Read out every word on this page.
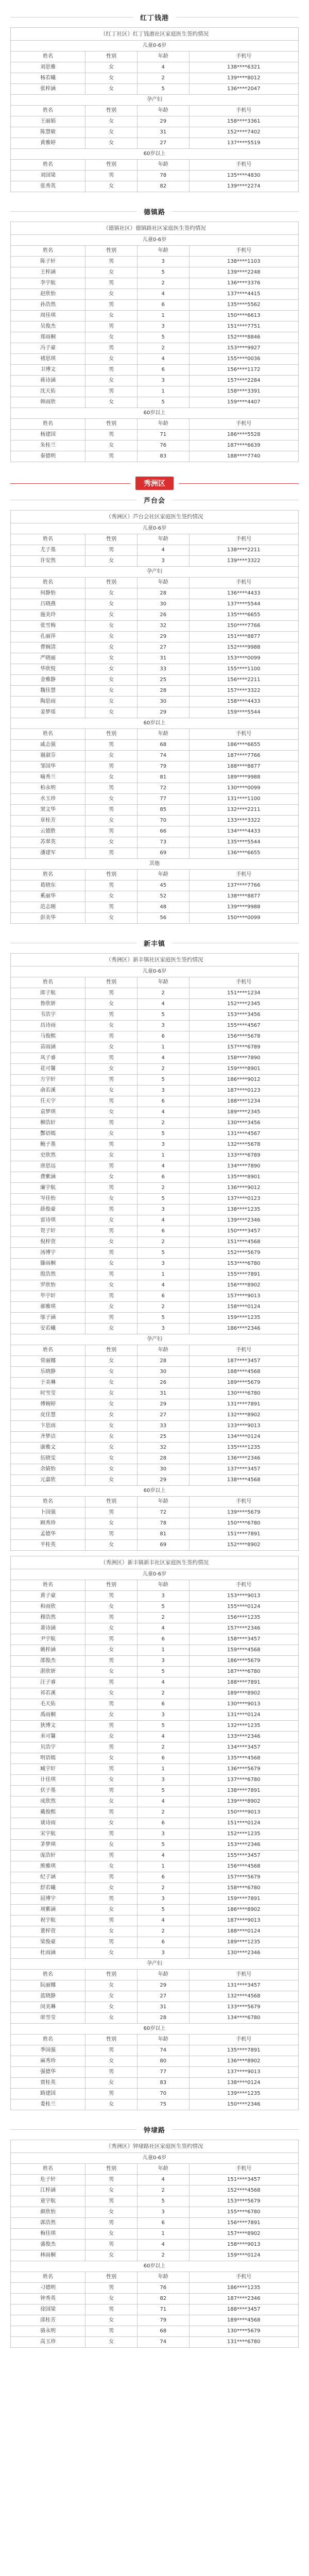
红丁钱港
（红丁社区）红丁钱港社区家庭医生签约情况			
儿童0-6岁			
姓名	性别	年龄	手机号
刘思雅	女	4	138****6321
杨若曦	女	2	139****8012
张梓涵	女	5	136****2047
孕产妇			
姓名	性别	年龄	手机号
王丽娟	女	29	158****3361
陈慧敏	女	31	152****7402
黄雅婷	女	27	137****5519
60岁以上			
姓名	性别	年龄	手机号
刘国梁	男	78	135****4830
张秀英	女	82	139****2274
德镇路
（德镇社区）德镇路社区家庭医生签约情况			
儿童0-6岁			
姓名	性别	年龄	手机号
陈子轩	男	3	138****1103
王梓涵	女	5	139****2248
李宇航	男	2	136****3376
赵欣怡	女	4	137****4415
孙浩然	男	6	135****5562
周佳琪	女	1	150****6613
吴俊杰	男	3	151****7751
郑雨桐	女	5	152****8846
冯子豪	男	2	153****9927
褚思琪	女	4	155****0036
卫博文	男	6	156****1172
蒋诗涵	女	3	157****2284
沈天佑	男	1	158****3391
韩雨欣	女	5	159****4407
60岁以上			
姓名	性别	年龄	手机号
杨建国	男	71	186****5528
朱桂兰	女	76	187****6639
秦德明	男	83	188****7740
秀洲区
芦台会
（秀洲区）芦台会社区家庭医生签约情况			
儿童0-6岁			
姓名	性别	年龄	手机号
尤子墨	男	4	138****2211
许安然	女	3	139****3322
孕产妇			
姓名	性别	年龄	手机号
何静怡	女	28	136****4433
吕晓燕	女	30	137****5544
施美玲	女	26	135****6655
张雪梅	女	32	150****7766
孔丽萍	女	29	151****8877
曹婉清	女	27	152****9988
严晓丽	女	31	153****0099
华欣悦	女	33	155****1100
金雅静	女	25	156****2211
魏佳慧	女	28	157****3322
陶思雨	女	30	158****4433
姜梦瑶	女	29	159****5544
60岁以上			
姓名	性别	年龄	手机号
戚志强	男	68	186****6655
谢淑芬	女	74	187****7766
邹国华	男	79	188****8877
喻秀兰	女	81	189****9988
柏永明	男	72	130****0099
水玉珍	女	77	131****1100
窦文华	男	85	132****2211
章桂芳	女	70	133****3322
云德胜	男	66	134****4433
苏翠英	女	73	135****5544
潘建军	男	69	136****6655
其他			
姓名	性别	年龄	手机号
葛晓东	男	45	137****7766
奚丽华	女	52	138****8877
范志刚	男	48	139****9988
彭美华	女	56	150****0099
新丰镇
（秀洲区）新丰镇社区家庭医生签约情况			
儿童0-6岁			
姓名	性别	年龄	手机号
郎子航	男	2	151****1234
鲁欣妍	女	4	152****2345
韦浩宇	男	5	153****3456
昌诗雨	女	3	155****4567
马俊熙	男	6	156****5678
苗雨涵	女	1	157****6789
凤子睿	男	4	158****7890
花可馨	女	2	159****8901
方宇轩	男	5	186****9012
俞若溪	女	3	187****0123
任天宇	男	6	188****1234
袁梦琪	女	4	189****2345
柳浩轩	男	2	130****3456
酆语嫣	女	5	131****4567
鲍子墨	男	3	132****5678
史欣然	女	1	133****6789
唐思远	男	4	134****7890
费紫涵	女	6	135****8901
廉宇航	男	2	136****9012
岑佳怡	女	5	137****0123
薛俊豪	男	3	138****1235
雷诗琪	女	4	139****2346
贺子轩	男	6	150****3457
倪梓萱	女	2	151****4568
汤博宇	男	5	152****5679
滕雨桐	女	3	153****6780
殷浩然	男	1	155****7891
罗欣怡	女	4	156****8902
毕宇轩	男	6	157****9013
郝雅琪	女	2	158****0124
邬子涵	男	5	159****1235
安若曦	女	3	186****2346
孕产妇			
姓名	性别	年龄	手机号
常丽娜	女	28	187****3457
乐晓静	女	30	188****4568
于美琳	女	26	189****5679
时雪莹	女	31	130****6780
傅婉婷	女	29	131****7891
皮佳慧	女	27	132****8902
卞思雨	女	33	133****9013
齐梦洁	女	25	134****0124
康雅文	女	32	135****1235
伍晓雯	女	28	136****2346
余婧怡	女	30	137****3457
元嘉欣	女	29	138****4568
60岁以上			
姓名	性别	年龄	手机号
卜国强	男	72	139****5679
顾秀珍	女	78	150****6780
孟德华	男	81	151****7891
平桂英	女	69	152****8902
（秀洲区）新丰镇新丰社区家庭医生签约情况			
儿童0-6岁			
姓名	性别	年龄	手机号
黄子豪	男	3	153****9013
和雨欣	女	5	155****0124
穆浩然	男	2	156****1235
萧诗涵	女	4	157****2346
尹宇航	男	6	158****3457
姚梓涵	女	1	159****4568
邵俊杰	男	3	186****5679
湛欣妍	女	5	187****6780
汪子睿	男	4	188****7891
祁若溪	女	2	189****8902
毛天佑	男	6	130****9013
禹雨桐	女	3	131****0124
狄博文	男	5	132****1235
米可馨	女	4	133****2346
贝浩宇	男	2	134****3457
明语嫣	女	6	135****4568
臧宇轩	男	1	136****5679
计佳琪	女	3	137****6780
伏子墨	男	5	138****7891
成欣然	女	4	139****8902
戴俊熙	男	2	150****9013
谈诗雨	女	6	151****0124
宋宇航	男	3	152****1235
茅梦琪	女	5	153****2346
庞浩轩	男	4	155****3457
熊雅琪	女	1	156****4568
纪子涵	男	6	157****5679
舒若曦	女	2	158****6780
屈博宇	男	3	159****7891
项紫涵	女	5	186****8902
祝宇航	男	4	187****9013
董梓萱	女	2	188****0124
梁俊豪	男	6	189****1235
杜雨涵	女	3	130****2346
孕产妇			
姓名	性别	年龄	手机号
阮丽娜	女	29	131****3457
蓝晓静	女	27	132****4568
闵美琳	女	31	133****5679
席雪莹	女	28	134****6780
60岁以上			
姓名	性别	年龄	手机号
季国强	男	74	135****7891
麻秀珍	女	80	136****8902
强德华	男	77	137****9013
贾桂英	女	83	138****0124
路建国	男	70	139****1235
娄桂兰	女	75	150****2346
钟埭路
（秀洲区）钟埭路社区家庭医生签约情况			
儿童0-6岁			
姓名	性别	年龄	手机号
危子轩	男	4	151****3457
江梓涵	女	2	152****4568
童宇航	男	5	153****5679
颜欣怡	女	3	155****6780
郭浩然	男	6	156****7891
梅佳琪	女	1	157****8902
盛俊杰	男	4	158****9013
林雨桐	女	2	159****0124
60岁以上			
姓名	性别	年龄	手机号
刁德明	男	76	186****1235
钟秀英	女	82	187****2346
徐国梁	男	71	188****3457
邱桂芳	女	79	189****4568
骆永明	男	68	130****5679
高玉珍	女	74	131****6780
